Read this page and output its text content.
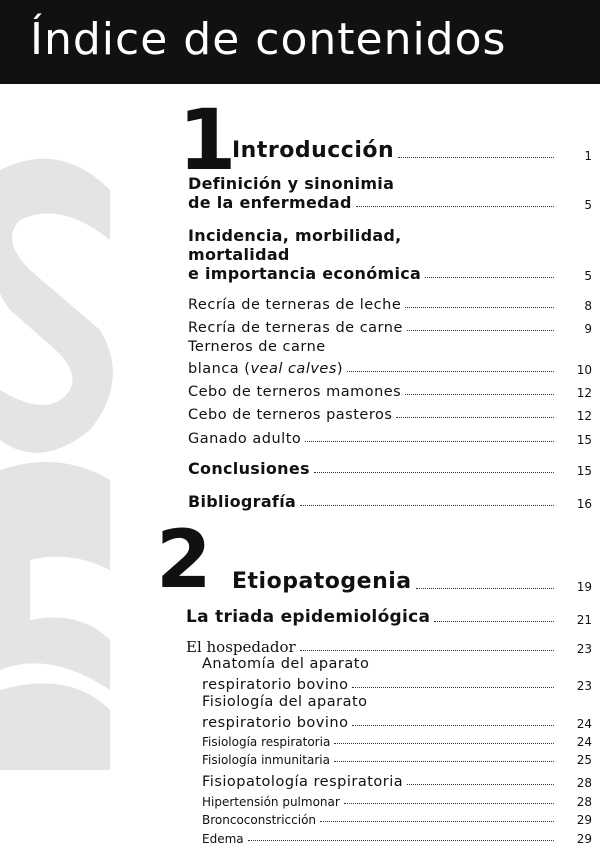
Índice de contenidos
1 Introducción	1
Definición y sinonimia
de la enfermedad	5
Incidencia, morbilidad,
mortalidad
e importancia económica	5
Recría de terneras de leche	8
Recría de terneras de carne	9
Terneros de carne
blanca (veal calves)	10
Cebo de terneros mamones	12
Cebo de terneros pasteros	12
Ganado adulto	15
Conclusiones	15
Bibliografía	16
2 Etiopatogenia	19
La triada epidemiológica	21
El hospedador	23
Anatomía del aparato
respiratorio bovino	23
Fisiología del aparato
respiratorio bovino	24
Fisiología respiratoria	24
Fisiología inmunitaria	25
Fisiopatología respiratoria	28
Hipertensión pulmonar	28
Broncoconstricción	29
Edema	29
